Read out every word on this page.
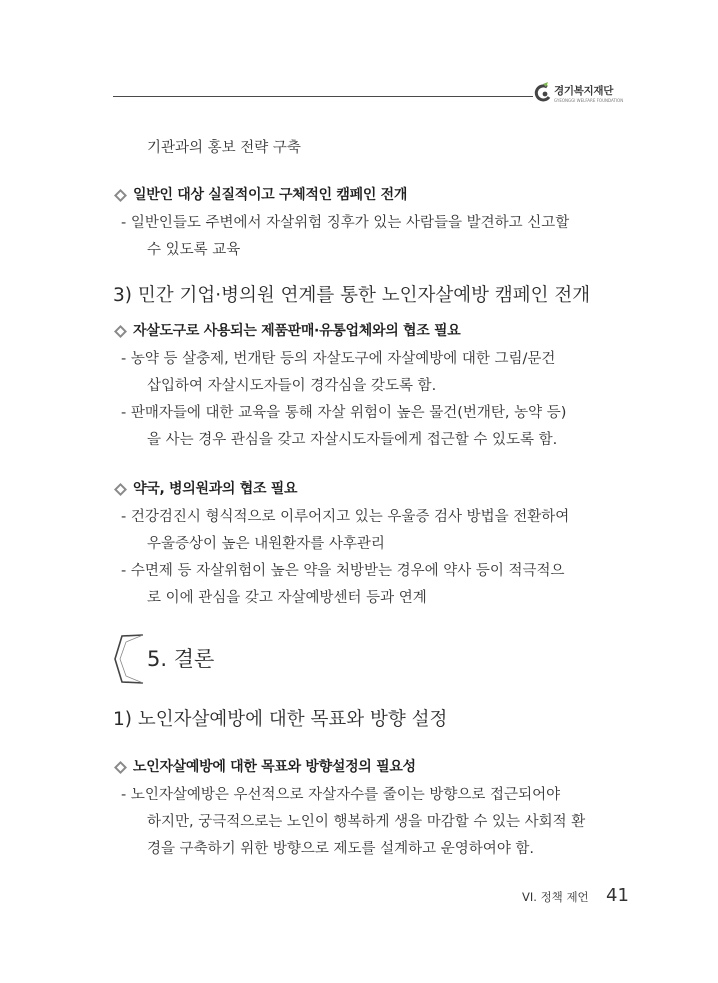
경기복지재단
GYEONGGI WELFARE FOUNDATION
기관과의 홍보 전략 구축
일반인 대상 실질적이고 구체적인 캠페인 전개
- 일반인들도 주변에서 자살위험 징후가 있는 사람들을 발견하고 신고할
수 있도록 교육
3) 민간 기업·병의원 연계를 통한 노인자살예방 캠페인 전개
자살도구로 사용되는 제품판매·유통업체와의 협조 필요
- 농약 등 살충제, 번개탄 등의 자살도구에 자살예방에 대한 그림/문건
삽입하여 자살시도자들이 경각심을 갖도록 함.
- 판매자들에 대한 교육을 통해 자살 위험이 높은 물건(번개탄, 농약 등)
을 사는 경우 관심을 갖고 자살시도자들에게 접근할 수 있도록 함.
약국, 병의원과의 협조 필요
- 건강검진시 형식적으로 이루어지고 있는 우울증 검사 방법을 전환하여
우울증상이 높은 내원환자를 사후관리
- 수면제 등 자살위험이 높은 약을 처방받는 경우에 약사 등이 적극적으
로 이에 관심을 갖고 자살예방센터 등과 연계
5. 결론
1) 노인자살예방에 대한 목표와 방향 설정
노인자살예방에 대한 목표와 방향설정의 필요성
- 노인자살예방은 우선적으로 자살자수를 줄이는 방향으로 접근되어야
하지만, 궁극적으로는 노인이 행복하게 생을 마감할 수 있는 사회적 환
경을 구축하기 위한 방향으로 제도를 설계하고 운영하여야 함.
VI. 정책 제언 41
